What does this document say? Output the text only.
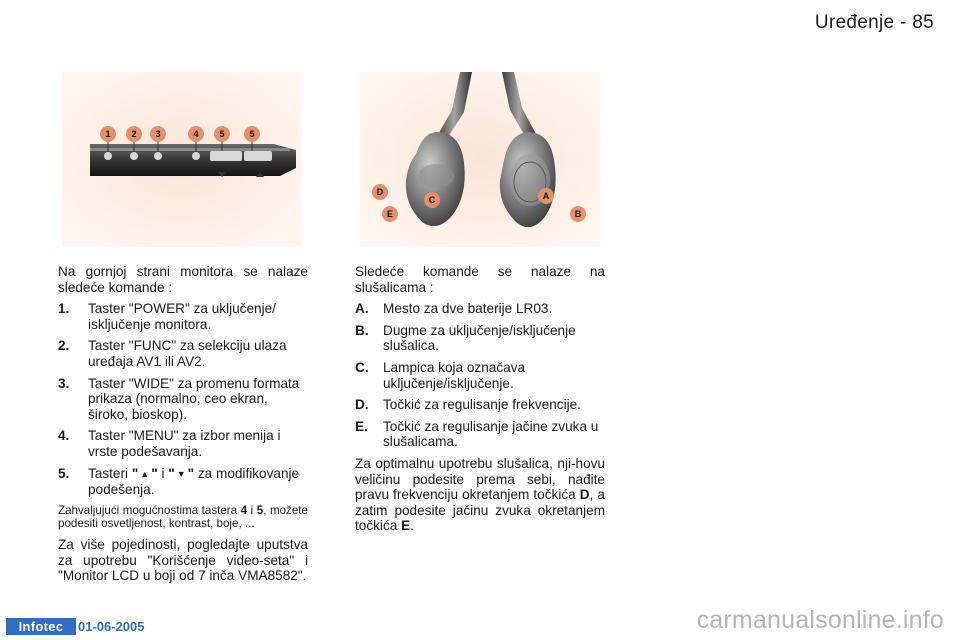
Uređenje - 85
1	2	3	4	5	5
D
E
C	A
B

Na gornjoj strani monitora se nalaze sledeće komande :

1.	Taster "POWER" za uključenje/ isključenje monitora.
2.	Taster "FUNC" za selekciju ulaza uređaja AV1 ili AV2.
3.	Taster "WIDE" za promenu formata prikaza (normalno, ceo ekran, široko, bioskop).
4.	Taster "MENU" za izbor menija i vrste podešavanja.
5.	Tasteri " ▲ " i " ▼ " za modifikovanje podešenja.

Zahvaljujući mogućnostima tastera 4 i 5, možete podesiti osvetljenost, kontrast, boje, ...

Za više pojedinosti, pogledajte uputstva za upotrebu "Korišćenje video-seta" i "Monitor LCD u boji od 7 inča VMA8582".

Sledeće komande se nalaze na slušalicama :

A.	Mesto za dve baterije LR03.
B.	Dugme za uključenje/isključenje slušalica.
C.	Lampica koja označava uključenje/isključenje.
D.	Točkić za regulisanje frekvencije.
E.	Točkić za regulisanje jačine zvuka u slušalicama.

Za optimalnu upotrebu slušalica, nji-hovu veličinu podesite prema sebi, nađite pravu frekvenciju okretanjem točkića D, a zatim podesite jačinu zvuka okretanjem točkića E.

Infotec	01-06-2005	carmanualsonline.info
